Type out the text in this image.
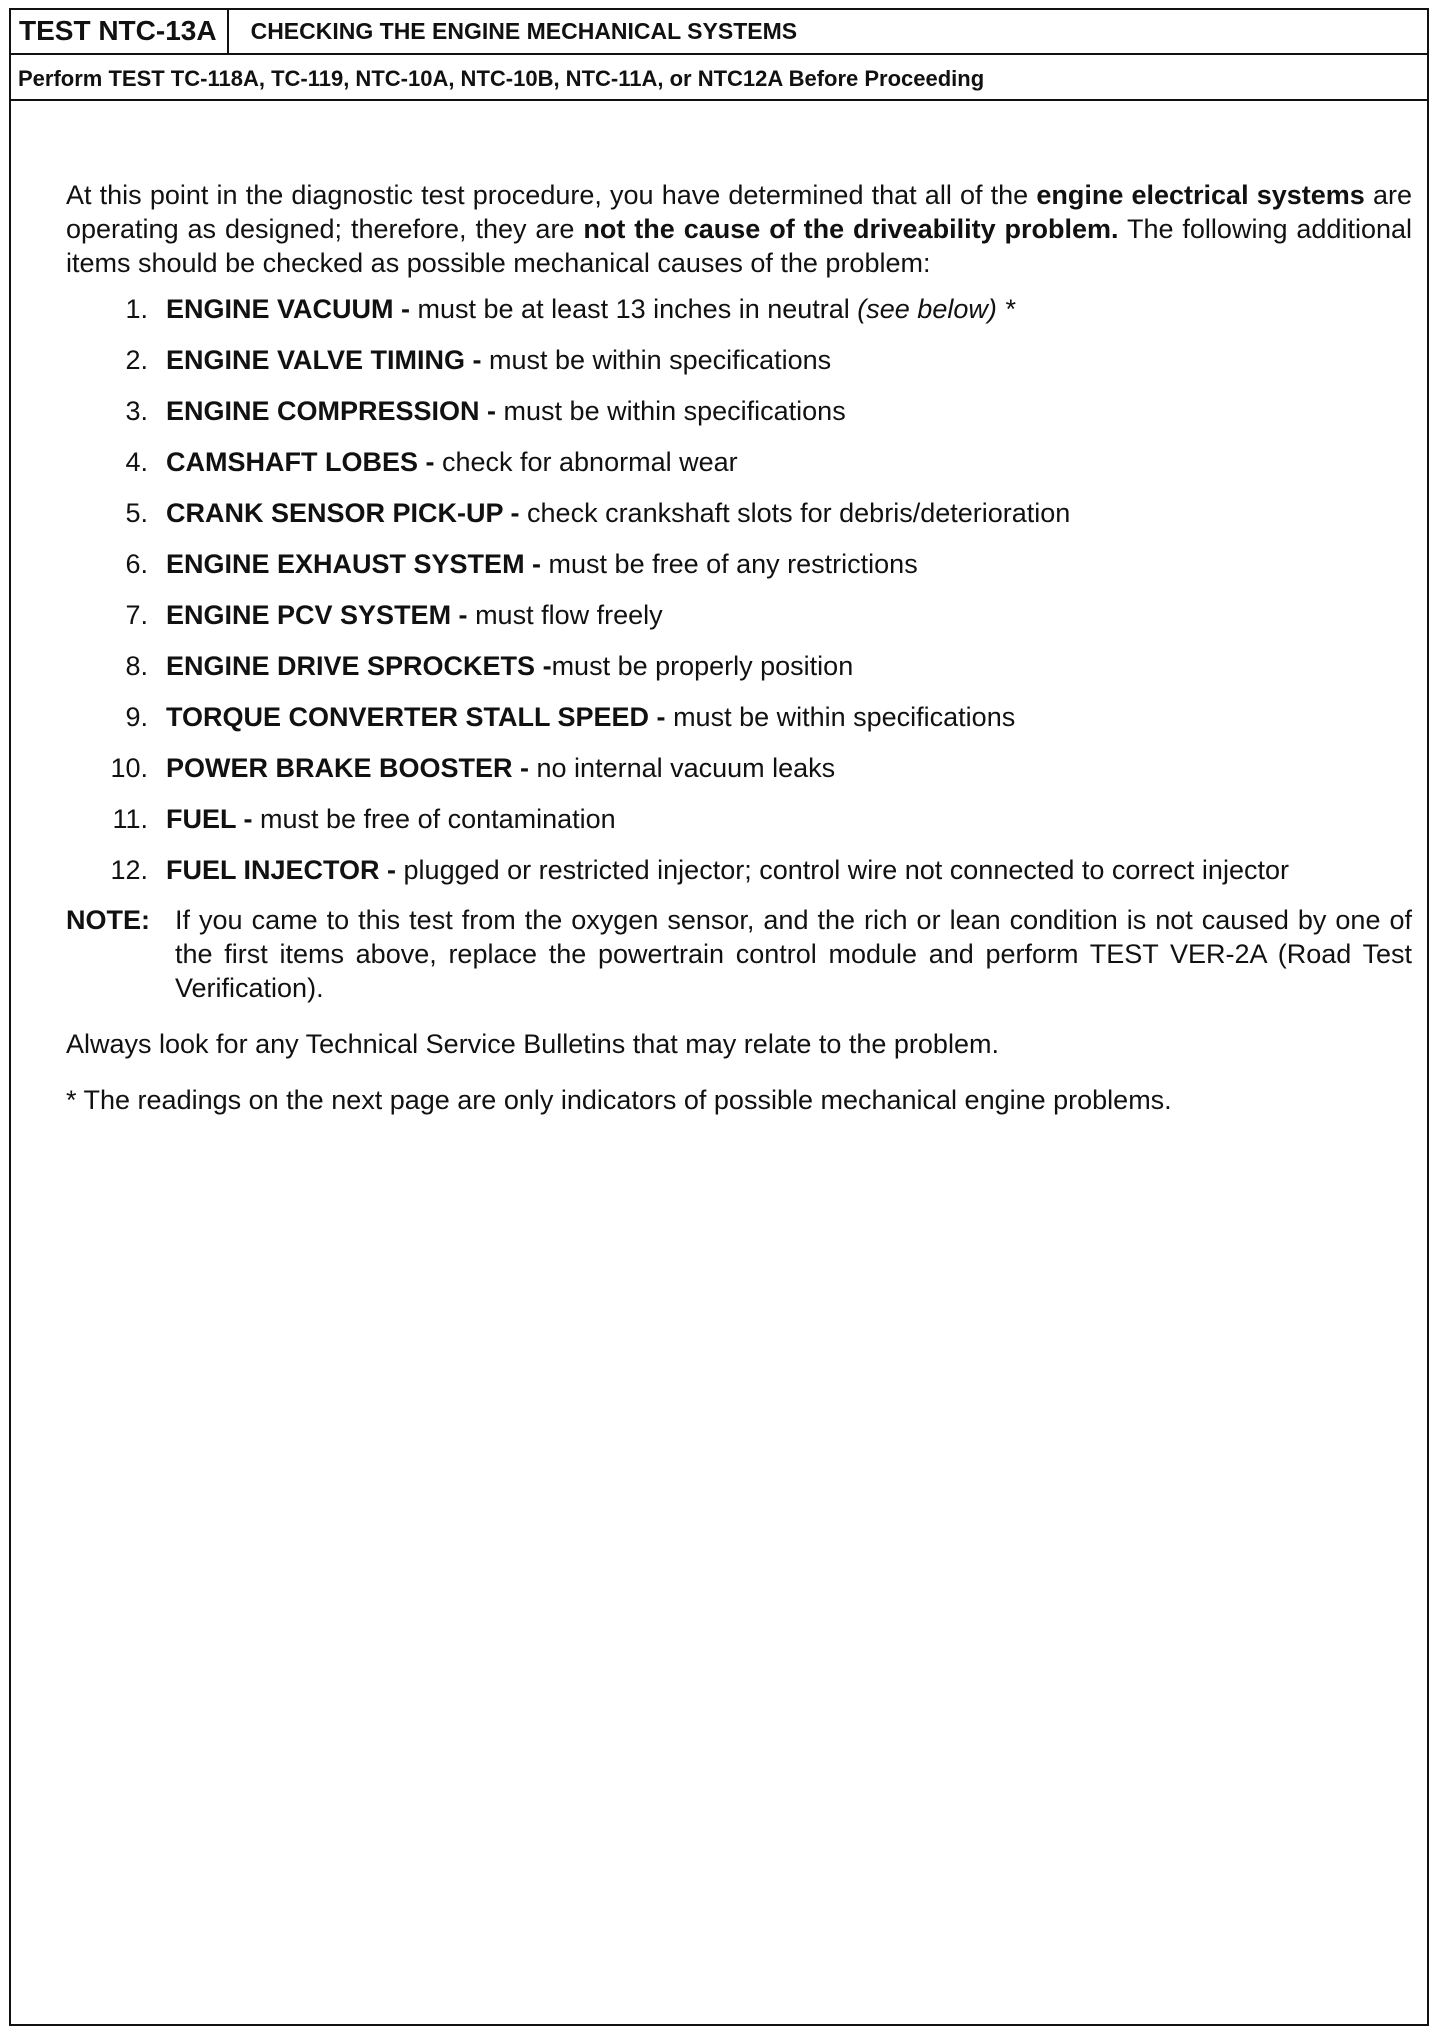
TEST NTC-13A	CHECKING THE ENGINE MECHANICAL SYSTEMS
Perform TEST TC-118A, TC-119, NTC-10A, NTC-10B, NTC-11A, or NTC12A Before Proceeding

At this point in the diagnostic test procedure, you have determined that all of the engine electrical systems are operating as designed; therefore, they are not the cause of the driveability problem. The following additional items should be checked as possible mechanical causes of the problem:

1. ENGINE VACUUM - must be at least 13 inches in neutral (see below) *
2. ENGINE VALVE TIMING - must be within specifications
3. ENGINE COMPRESSION - must be within specifications
4. CAMSHAFT LOBES - check for abnormal wear
5. CRANK SENSOR PICK-UP - check crankshaft slots for debris/deterioration
6. ENGINE EXHAUST SYSTEM - must be free of any restrictions
7. ENGINE PCV SYSTEM - must flow freely
8. ENGINE DRIVE SPROCKETS -must be properly position
9. TORQUE CONVERTER STALL SPEED - must be within specifications
10. POWER BRAKE BOOSTER - no internal vacuum leaks
11. FUEL - must be free of contamination
12. FUEL INJECTOR - plugged or restricted injector; control wire not connected to correct injector
NOTE: If you came to this test from the oxygen sensor, and the rich or lean condition is not caused by one of the first items above, replace the powertrain control module and perform TEST VER-2A (Road Test Verification).

Always look for any Technical Service Bulletins that may relate to the problem.

* The readings on the next page are only indicators of possible mechanical engine problems.
